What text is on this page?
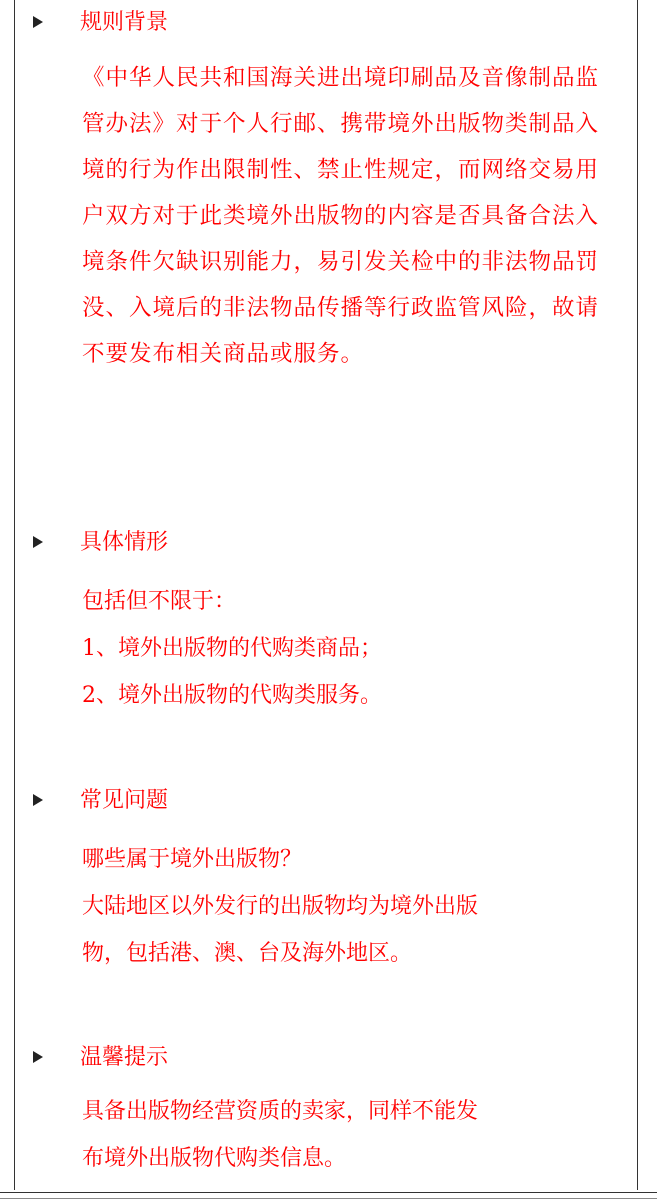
规则背景
《中华人民共和国海关进出境印刷品及音像制品监管办法》对于个人行邮、携带境外出版物类制品入境的行为作出限制性、禁止性规定，而网络交易用户双方对于此类境外出版物的内容是否具备合法入境条件欠缺识别能力，易引发关检中的非法物品罚没、入境后的非法物品传播等行政监管风险，故请不要发布相关商品或服务。
具体情形
包括但不限于：
1、境外出版物的代购类商品；
2、境外出版物的代购类服务。
常见问题
哪些属于境外出版物？
大陆地区以外发行的出版物均为境外出版
物，包括港、澳、台及海外地区。
温馨提示
具备出版物经营资质的卖家，同样不能发
布境外出版物代购类信息。
